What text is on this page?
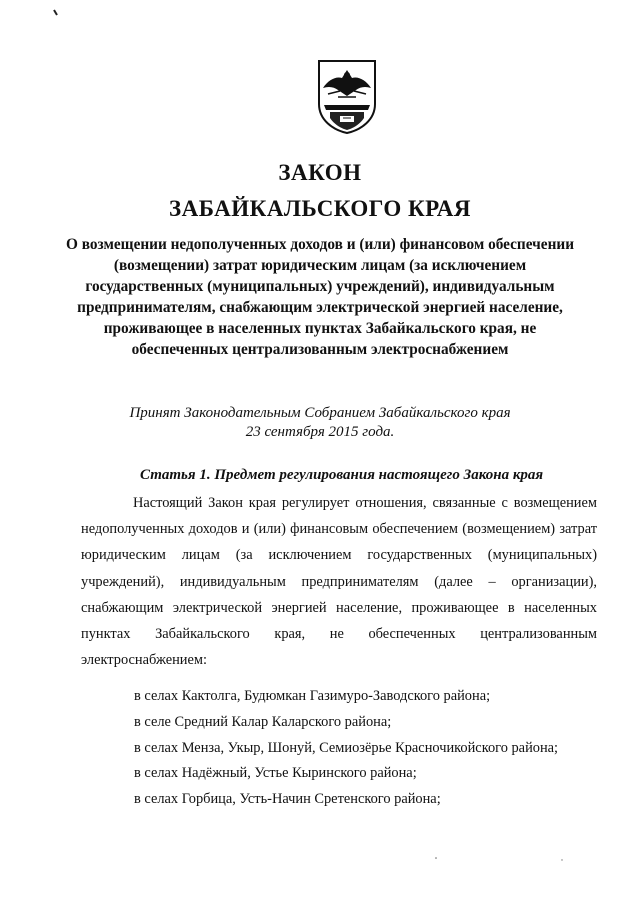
ЗАКОН
ЗАБАЙКАЛЬСКОГО КРАЯ
О возмещении недополученных доходов и (или) финансовом обеспечении (возмещении) затрат юридическим лицам (за исключением государственных (муниципальных) учреждений), индивидуальным предпринимателям, снабжающим электрической энергией население, проживающее в населенных пунктах Забайкальского края, не обеспеченных централизованным электроснабжением
Принят Законодательным Собранием Забайкальского края
23 сентября 2015 года.
Статья 1. Предмет регулирования настоящего Закона края
Настоящий Закон края регулирует отношения, связанные с возмещением недополученных доходов и (или) финансовым обеспечением (возмещением) затрат юридическим лицам (за исключением государственных (муниципальных) учреждений), индивидуальным предпринимателям (далее – организации), снабжающим электрической энергией население, проживающее в населенных пунктах Забайкальского края, не обеспеченных централизованным электроснабжением:
в селах Кактолга, Будюмкан Газимуро-Заводского района;
в селе Средний Калар Каларского района;
в селах Менза, Укыр, Шонуй, Семиозёрье Красночикойского района;
в селах Надёжный, Устье Кыринского района;
в селах Горбица, Усть-Начин Сретенского района;
